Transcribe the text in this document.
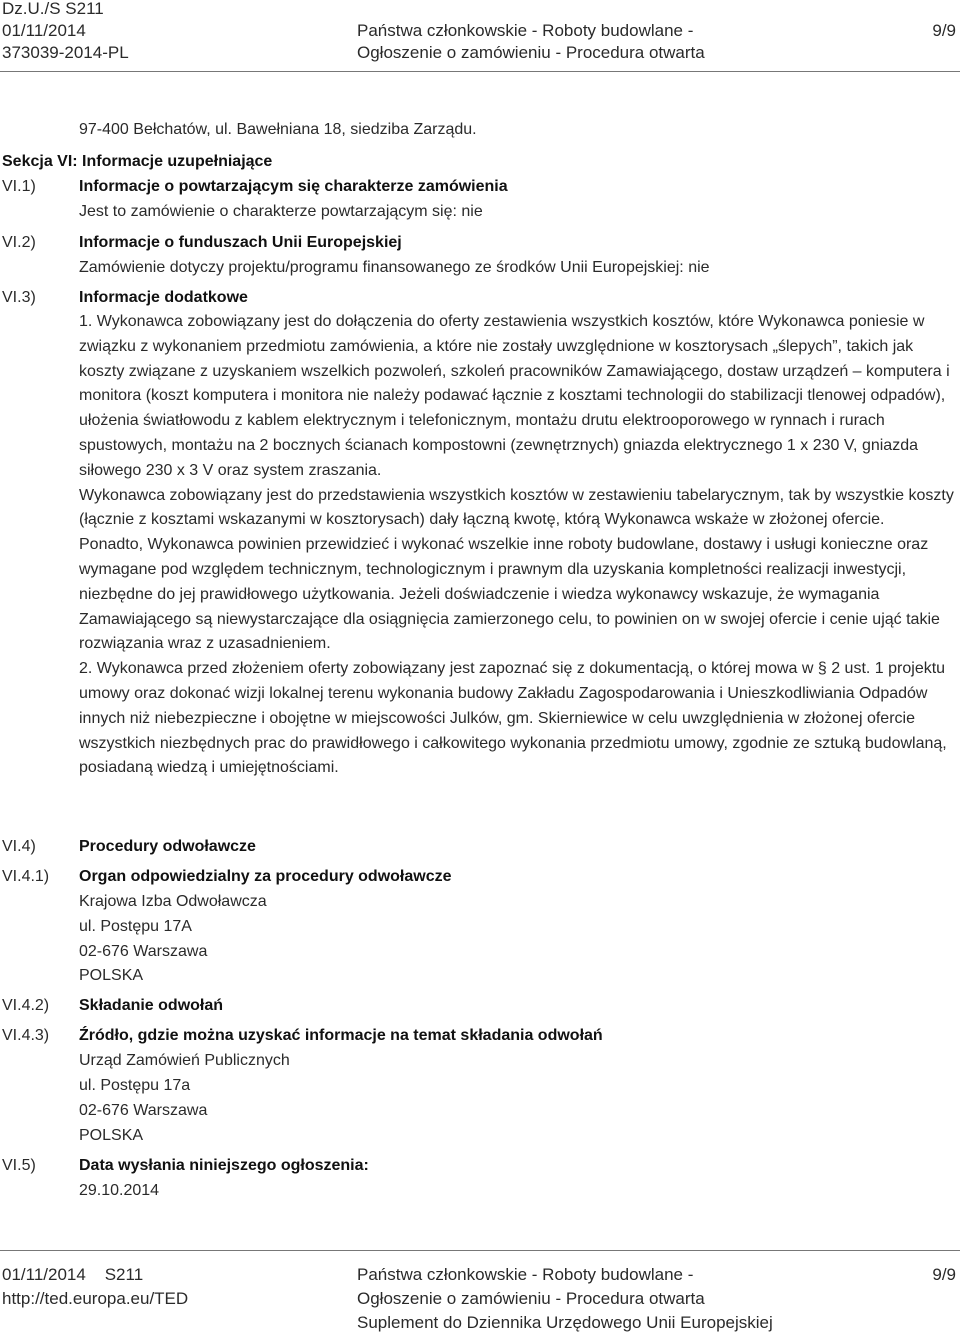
Dz.U./S S211
01/11/2014
373039-2014-PL
Państwa członkowskie - Roboty budowlane -
Ogłoszenie o zamówieniu - Procedura otwarta
9/9
97-400 Bełchatów, ul. Bawełniana 18, siedziba Zarządu.
Sekcja VI: Informacje uzupełniające
VI.1)	Informacje o powtarzającym się charakterze zamówienia
Jest to zamówienie o charakterze powtarzającym się: nie
VI.2)	Informacje o funduszach Unii Europejskiej
Zamówienie dotyczy projektu/programu finansowanego ze środków Unii Europejskiej: nie
VI.3)	Informacje dodatkowe

1. Wykonawca zobowiązany jest do dołączenia do oferty zestawienia wszystkich kosztów, które Wykonawca poniesie w związku z wykonaniem przedmiotu zamówienia, a które nie zostały uwzględnione w kosztorysach „ślepych”, takich jak koszty związane z uzyskaniem wszelkich pozwoleń, szkoleń pracowników Zamawiającego, dostaw urządzeń – komputera i monitora (koszt komputera i monitora nie należy podawać łącznie z kosztami technologii do stabilizacji tlenowej odpadów), ułożenia światłowodu z kablem elektrycznym i telefonicznym, montażu drutu elektrooporowego w rynnach i rurach spustowych, montażu na 2 bocznych ścianach kompostowni (zewnętrznych) gniazda elektrycznego 1 x 230 V, gniazda siłowego 230 x 3 V oraz system zraszania.

Wykonawca zobowiązany jest do przedstawienia wszystkich kosztów w zestawieniu tabelarycznym, tak by wszystkie koszty (łącznie z kosztami wskazanymi w kosztorysach) dały łączną kwotę, którą Wykonawca wskaże w złożonej ofercie.

Ponadto, Wykonawca powinien przewidzieć i wykonać wszelkie inne roboty budowlane, dostawy i usługi konieczne oraz wymagane pod względem technicznym, technologicznym i prawnym dla uzyskania kompletności realizacji inwestycji, niezbędne do jej prawidłowego użytkowania. Jeżeli doświadczenie i wiedza wykonawcy wskazuje, że wymagania Zamawiającego są niewystarczające dla osiągnięcia zamierzonego celu, to powinien on w swojej ofercie i cenie ująć takie rozwiązania wraz z uzasadnieniem.

2. Wykonawca przed złożeniem oferty zobowiązany jest zapoznać się z dokumentacją, o której mowa w § 2 ust. 1 projektu umowy oraz dokonać wizji lokalnej terenu wykonania budowy Zakładu Zagospodarowania i Unieszkodliwiania Odpadów innych niż niebezpieczne i obojętne w miejscowości Julków, gm. Skierniewice w celu uwzględnienia w złożonej ofercie wszystkich niezbędnych prac do prawidłowego i całkowitego wykonania przedmiotu umowy, zgodnie ze sztuką budowlaną, posiadaną wiedzą i umiejętnościami.

VI.4)	Procedury odwoławcze
VI.4.1) Organ odpowiedzialny za procedury odwoławcze
Krajowa Izba Odwoławcza
ul. Postępu 17A
02-676 Warszawa
POLSKA
VI.4.2) Składanie odwołań
VI.4.3) Źródło, gdzie można uzyskać informacje na temat składania odwołań
Urząd Zamówień Publicznych
ul. Postępu 17a
02-676 Warszawa
POLSKA
VI.5)	Data wysłania niniejszego ogłoszenia:
29.10.2014
01/11/2014    S211
http://ted.europa.eu/TED
Państwa członkowskie - Roboty budowlane -
Ogłoszenie o zamówieniu - Procedura otwarta
Suplement do Dziennika Urzędowego Unii Europejskiej
9/9
